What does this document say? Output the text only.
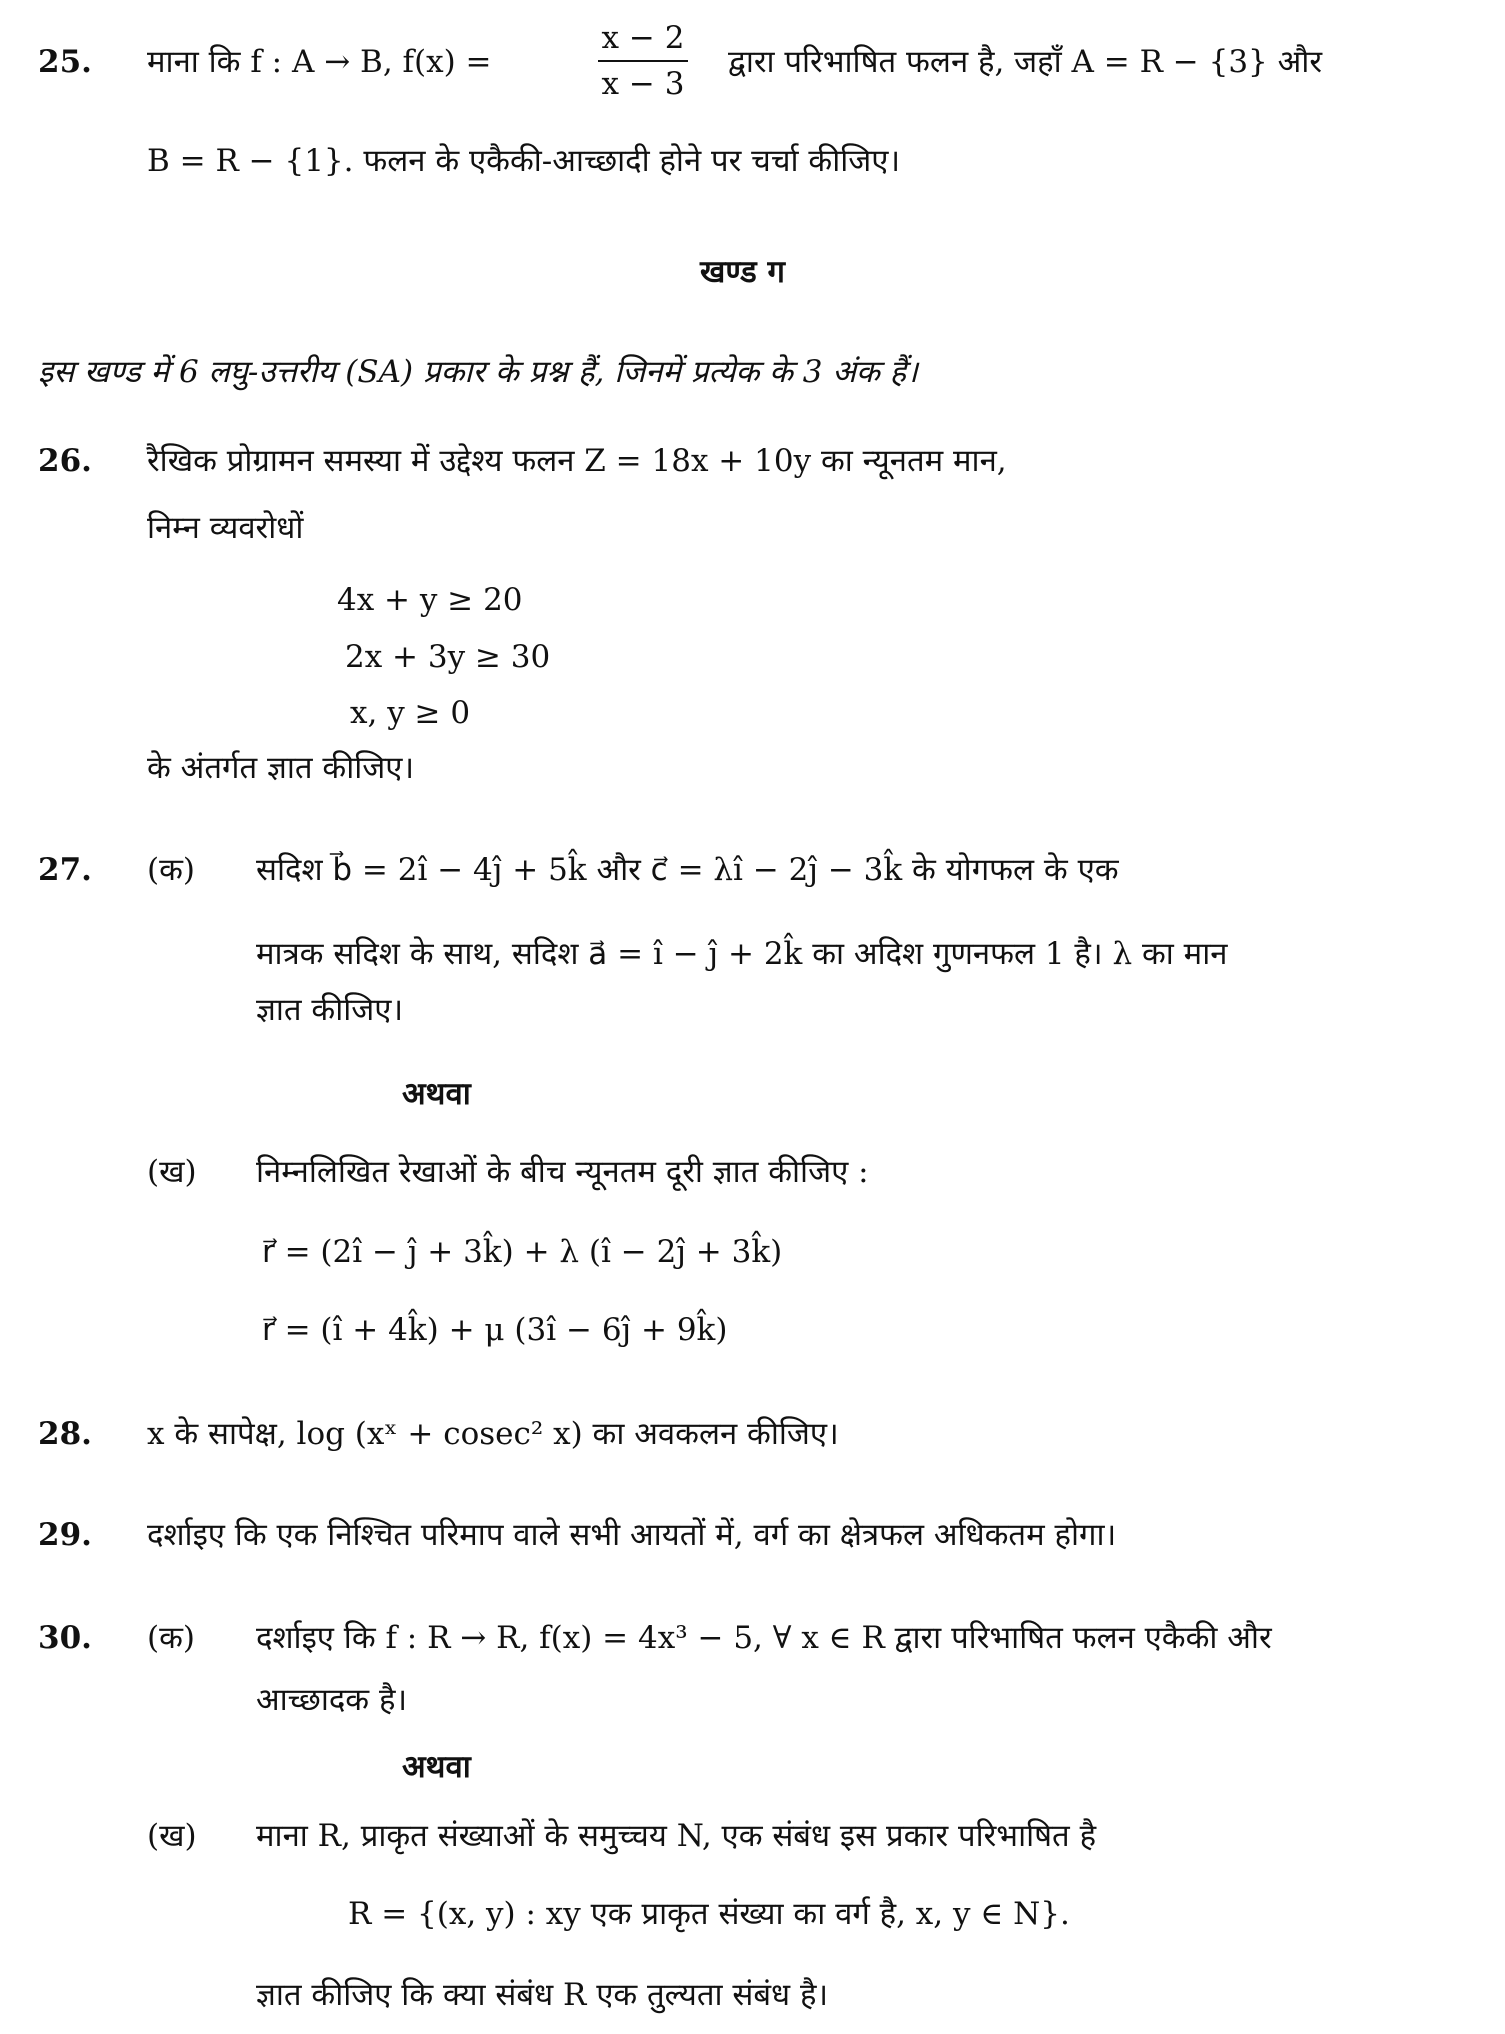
25. माना कि f : A → B, f(x) =
x − 2
x − 3
द्वारा परिभाषित फलन है, जहाँ A = R − {3} और
B = R − {1}. फलन के एकैकी-आच्छादी होने पर चर्चा कीजिए।
खण्ड ग
इस खण्ड में 6 लघु-उत्तरीय (SA) प्रकार के प्रश्न हैं, जिनमें प्रत्येक के 3 अंक हैं।
26. रैखिक प्रोग्रामन समस्या में उद्देश्य फलन Z = 18x + 10y का न्यूनतम मान,
निम्न व्यवरोधों
4x + y ≥ 20
2x + 3y ≥ 30
x, y ≥ 0
के अंतर्गत ज्ञात कीजिए।
27. (क) सदिश b⃗ = 2î − 4ĵ + 5k̂ और c⃗ = λî − 2ĵ − 3k̂ के योगफल के एक
मात्रक सदिश के साथ, सदिश a⃗ = î − ĵ + 2k̂ का अदिश गुणनफल 1 है। λ का मान
ज्ञात कीजिए।
अथवा
(ख) निम्नलिखित रेखाओं के बीच न्यूनतम दूरी ज्ञात कीजिए :
r⃗ = (2î − ĵ + 3k̂) + λ (î − 2ĵ + 3k̂)
r⃗ = (î + 4k̂) + μ (3î − 6ĵ + 9k̂)
28. x के सापेक्ष, log (xˣ + cosec² x) का अवकलन कीजिए।
29. दर्शाइए कि एक निश्चित परिमाप वाले सभी आयतों में, वर्ग का क्षेत्रफल अधिकतम होगा।
30. (क) दर्शाइए कि f : R → R, f(x) = 4x³ − 5, ∀ x ∈ R द्वारा परिभाषित फलन एकैकी और
आच्छादक है।
अथवा
(ख) माना R, प्राकृत संख्याओं के समुच्चय N, एक संबंध इस प्रकार परिभाषित है
R = {(x, y) : xy एक प्राकृत संख्या का वर्ग है, x, y ∈ N}.
ज्ञात कीजिए कि क्या संबंध R एक तुल्यता संबंध है।
